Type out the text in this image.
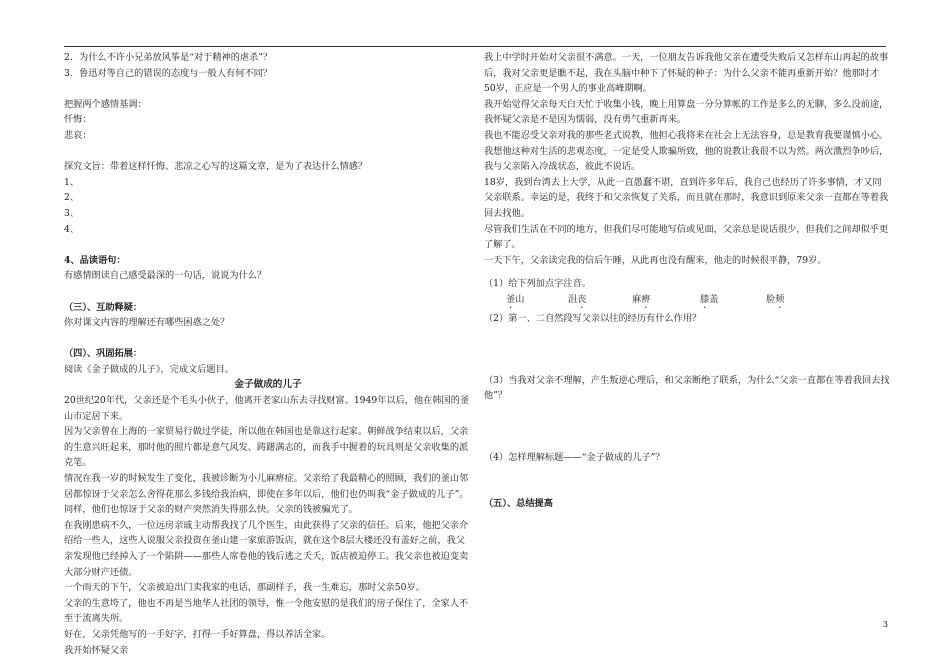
2．为什么不许小兄弟放风筝是“对于精神的虐杀”？

3．鲁迅对等自己的错误的态度与一般人有何不同？

把握两个感情基调：

忏悔：

悲哀：

探究文旨：带着这样忏悔、悲凉之心写的这篇文章，是为了表达什么情感？

1、

2、

3、

4、

4、品读语句：

有感情朗读自己感受最深的一句话，说说为什么？

（三）、互助释疑：

你对课文内容的理解还有哪些困惑之处？

（四）、巩固拓展：

阅读《金子做成的儿子》，完成文后题目。

金子做成的儿子

20世纪20年代，父亲还是个毛头小伙子，他离开老家山东去寻找财富。1949年以后，他在韩国的釜山市定居下来。

因为父亲曾在上海的一家贸易行做过学徒，所以他在韩国也是靠这行起家。朝鲜战争结束以后，父亲的生意兴旺起来，那时他的照片都是意气风发、踌躇满志的，而我手中握着的玩具则是父亲收集的派克笔。

情况在我一岁的时候发生了变化，我被诊断为小儿麻痹症。父亲给了我最精心的照顾，我们的釜山邻居都惊讶于父亲怎么舍得花那么多钱给我治病，即使在多年以后，他们也仍叫我“金子做成的儿子”。同样，他们也惊讶于父亲的财产突然消失得那么快。父亲的钱被骗光了。

在我刚患病不久，一位远房亲戚主动帮我找了几个医生，由此获得了父亲的信任。后来，他把父亲介绍给一些人，这些人说服父亲投资在釜山建一家旅游饭店，就在这个8层大楼还没有盖好之前，我父亲发现他已经掉入了一个陷阱——那些人席卷他的钱后逃之夭夭，饭店被迫停工。我父亲也被迫变卖大部分财产还债。

一个雨天的下午，父亲被迫出门卖我家的电话，那副样子，我一生难忘，那时父亲50岁。

父亲的生意垮了，他也不再是当地华人社团的领导，惟一令他安慰的是我们的房子保住了，全家人不至于流离失所。

好在，父亲凭他写的一手好字，打得一手好算盘，得以养活全家。

我开始怀疑父亲

我上中学时开始对父亲很不满意。一天，一位朋友告诉我他父亲在遭受失败后又怎样东山再起的故事后，我对父亲更是瞧不起，我在头脑中种下了怀疑的种子：为什么父亲不能再重新开始？他那时才50岁，正应是一个男人的事业高峰期啊。

我开始觉得父亲每天白天忙于收集小钱，晚上用算盘一分分算帐的工作是多么的无聊，多么没前途，我怀疑父亲是不是因为懦弱，没有勇气重新再来。

我也不能忍受父亲对我的那些老式说教，他担心我将来在社会上无法容身，总是教育我要谨慎小心。我想他这种对生活的悲观态度，一定是受人欺骗所致，他的说教让我很不以为然。两次激烈争吵后，我与父亲陷入冷战状态，彼此不说话。

18岁，我到台湾去上大学，从此一直愚蠢不堪，直到许多年后，我自己也经历了许多事情，才又同父亲联系。幸运的是，我终于和父亲恢复了关系，而且就在那时，我意识到原来父亲一直都在等着我回去找他。

尽管我们生活在不同的地方，但我们尽可能地写信或见面，父亲总是说话很少，但我们之间却似乎更了解了。

一天下午，父亲读完我的信后午睡，从此再也没有醒来，他走的时候很平静，79岁。

（1）给下列加点字注音。

釜山	沮丧	麻痹	膝盖	脸颊

（2）第一、二自然段写父亲以往的经历有什么作用？

（3）当我对父亲不理解，产生叛逆心理后，和父亲断绝了联系，为什么“父亲一直都在等着我回去找他”？

（4）怎样理解标题——“金子做成的儿子”？

（五）、总结提高

3
